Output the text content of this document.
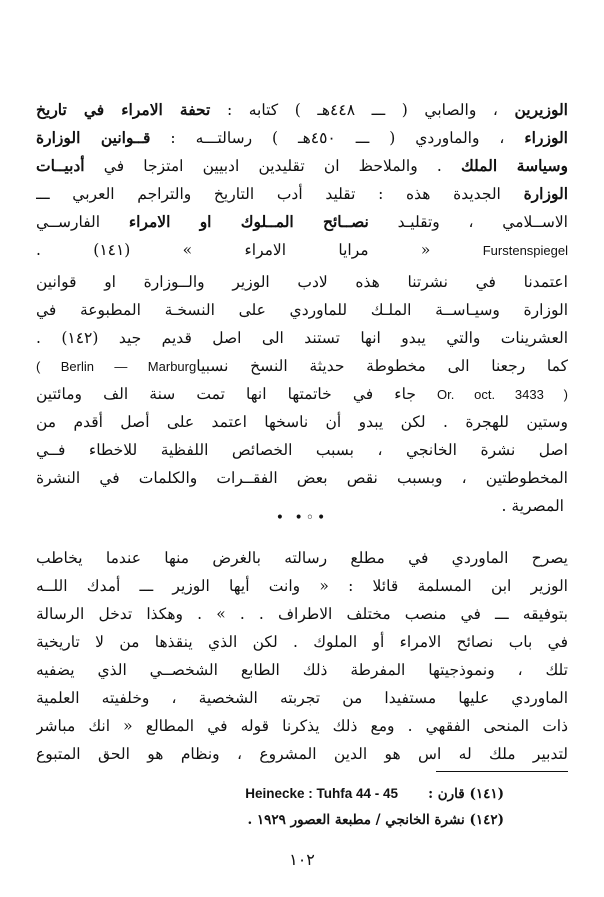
الوزيرين ، والصابي ( ـــ ٤٤٨هـ ) كتابه : تحفة الامراء في تاريخ
الوزراء ، والماوردي ( ـــ ٤٥٠هـ ) رسالتـــه : قــوانين الوزارة
وسياسة الملك . والملاحظ ان تقليدين ادبيين امتزجا في أدبيــات
الوزارة الجديدة هذه : تقليد أدب التاريخ والتراجم العربي ـــ
الاســلامي ، وتقليـد نصــائح المــلوك او الامراء الفارســي
Furstenspiegel « مرايا الامراء » (١٤١) .
اعتمدنا في نشرتنا هذه لادب الوزير والــوزارة او قوانين
الوزارة وسيـاســة الملـك للماوردي على النسخـة المطبوعة في
العشرينات والتي يبدو انها تستند الى اصل قديم جيد (١٤٢) .
كما رجعنا الى مخطوطة حديثة النسخ نسبيا( Berlin — Marburg
Or. oct. 3433 ) جاء في خاتمتها انها تمت سنة الف ومائتين
وستين للهجرة . لكن يبدو أن ناسخها اعتمد على أصل أقدم من
اصل نشرة الخانجي ، بسبب الخصائص اللفظية للاخطاء فــي
المخطوطتين ، وبسبب نقص بعض الفقــرات والكلمات في النشرة
المصرية .
• •◦•
يصرح الماوردي في مطلع رسالته بالغرض منها عندما يخاطب
الوزير ابن المسلمة قائلا : « وانت أيها الوزير ـــ أمدك اللــه
بتوفيقه ـــ في منصب مختلف الاطراف . . » . وهكذا تدخل الرسالة
في باب نصائح الامراء أو الملوك . لكن الذي ينقذها من لا تاريخية
تلك ، ونموذجيتها المفرطة ذلك الطابع الشخصــي الذي يضفيه
الماوردي عليها مستفيدا من تجربته الشخصية ، وخلفيته العلمية
ذات المنحى الفقهي . ومع ذلك يذكرنا قوله في المطالع « انك مباشر
لتدبير ملك له اس هو الدين المشروع ، ونظام هو الحق المتبوع
(١٤١) قارن :Heinecke : Tuhfa 44 - 45
(١٤٢) نشرة الخانجي / مطبعة العصور ١٩٢٩ .
١٠٢
